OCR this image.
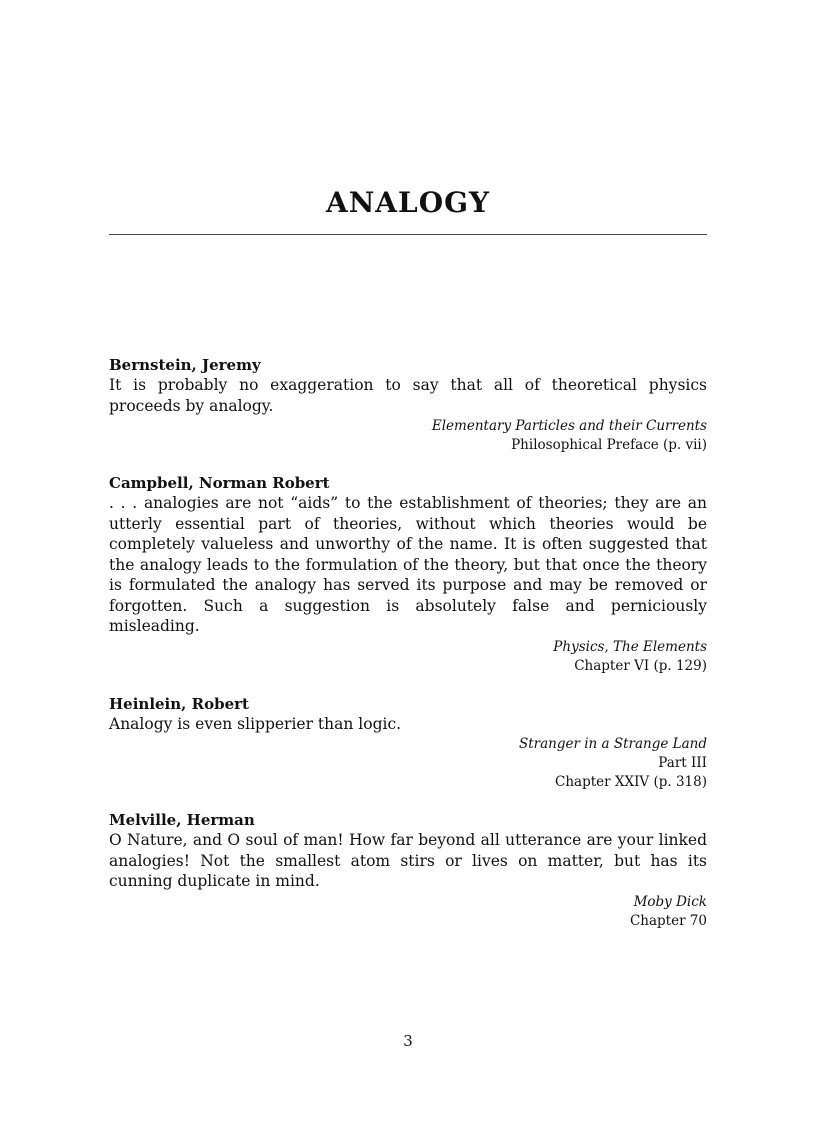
ANALOGY

Bernstein, Jeremy

It is probably no exaggeration to say that all of theoretical physics proceeds by analogy.

Elementary Particles and their Currents
Philosophical Preface (p. vii)

Campbell, Norman Robert

. . . analogies are not “aids” to the establishment of theories; they are an utterly essential part of theories, without which theories would be completely valueless and unworthy of the name. It is often suggested that the analogy leads to the formulation of the theory, but that once the theory is formulated the analogy has served its purpose and may be removed or forgotten. Such a suggestion is absolutely false and perniciously misleading.

Physics, The Elements
Chapter VI (p. 129)

Heinlein, Robert

Analogy is even slipperier than logic.

Stranger in a Strange Land
Part III
Chapter XXIV (p. 318)

Melville, Herman

O Nature, and O soul of man! How far beyond all utterance are your linked analogies! Not the smallest atom stirs or lives on matter, but has its cunning duplicate in mind.

Moby Dick
Chapter 70
3
